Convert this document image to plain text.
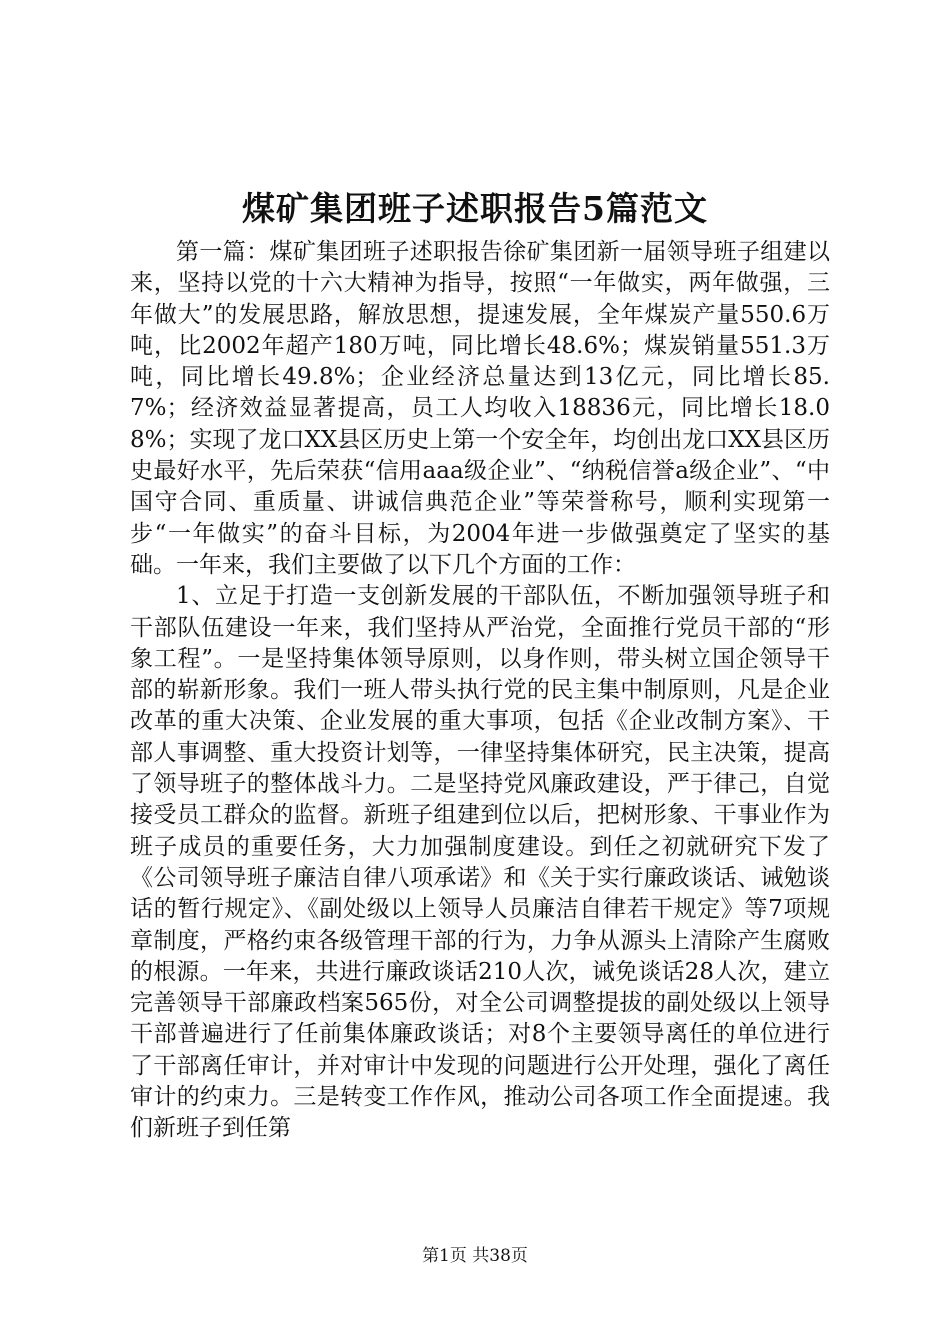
煤矿集团班子述职报告5篇范文

第一篇：煤矿集团班子述职报告徐矿集团新一届领导班子组建以来，坚持以党的十六大精神为指导，按照“一年做实，两年做强，三年做大”的发展思路，解放思想，提速发展，全年煤炭产量550.6万吨，比2002年超产180万吨，同比增长48.6%；煤炭销量551.3万吨，同比增长49.8%；企业经济总量达到13亿元，同比增长85.7%；经济效益显著提高，员工人均收入18836元，同比增长18.08%；实现了龙口XX县区历史上第一个安全年，均创出龙口XX县区历史最好水平，先后荣获“信用aaa级企业”、“纳税信誉a级企业”、“中国守合同、重质量、讲诚信典范企业”等荣誉称号，顺利实现第一步“一年做实”的奋斗目标，为2004年进一步做强奠定了坚实的基础。一年来，我们主要做了以下几个方面的工作：

1、立足于打造一支创新发展的干部队伍，不断加强领导班子和干部队伍建设一年来，我们坚持从严治党，全面推行党员干部的“形象工程”。一是坚持集体领导原则，以身作则，带头树立国企领导干部的崭新形象。我们一班人带头执行党的民主集中制原则，凡是企业改革的重大决策、企业发展的重大事项，包括《企业改制方案》、干部人事调整、重大投资计划等，一律坚持集体研究，民主决策，提高了领导班子的整体战斗力。二是坚持党风廉政建设，严于律己，自觉接受员工群众的监督。新班子组建到位以后，把树形象、干事业作为班子成员的重要任务，大力加强制度建设。到任之初就研究下发了《公司领导班子廉洁自律八项承诺》和《关于实行廉政谈话、诫勉谈话的暂行规定》、《副处级以上领导人员廉洁自律若干规定》等7项规章制度，严格约束各级管理干部的行为，力争从源头上清除产生腐败的根源。一年来，共进行廉政谈话210人次，诫免谈话28人次，建立完善领导干部廉政档案565份，对全公司调整提拔的副处级以上领导干部普遍进行了任前集体廉政谈话；对8个主要领导离任的单位进行了干部离任审计，并对审计中发现的问题进行公开处理，强化了离任审计的约束力。三是转变工作作风，推动公司各项工作全面提速。我们新班子到任第

第1页 共38页
